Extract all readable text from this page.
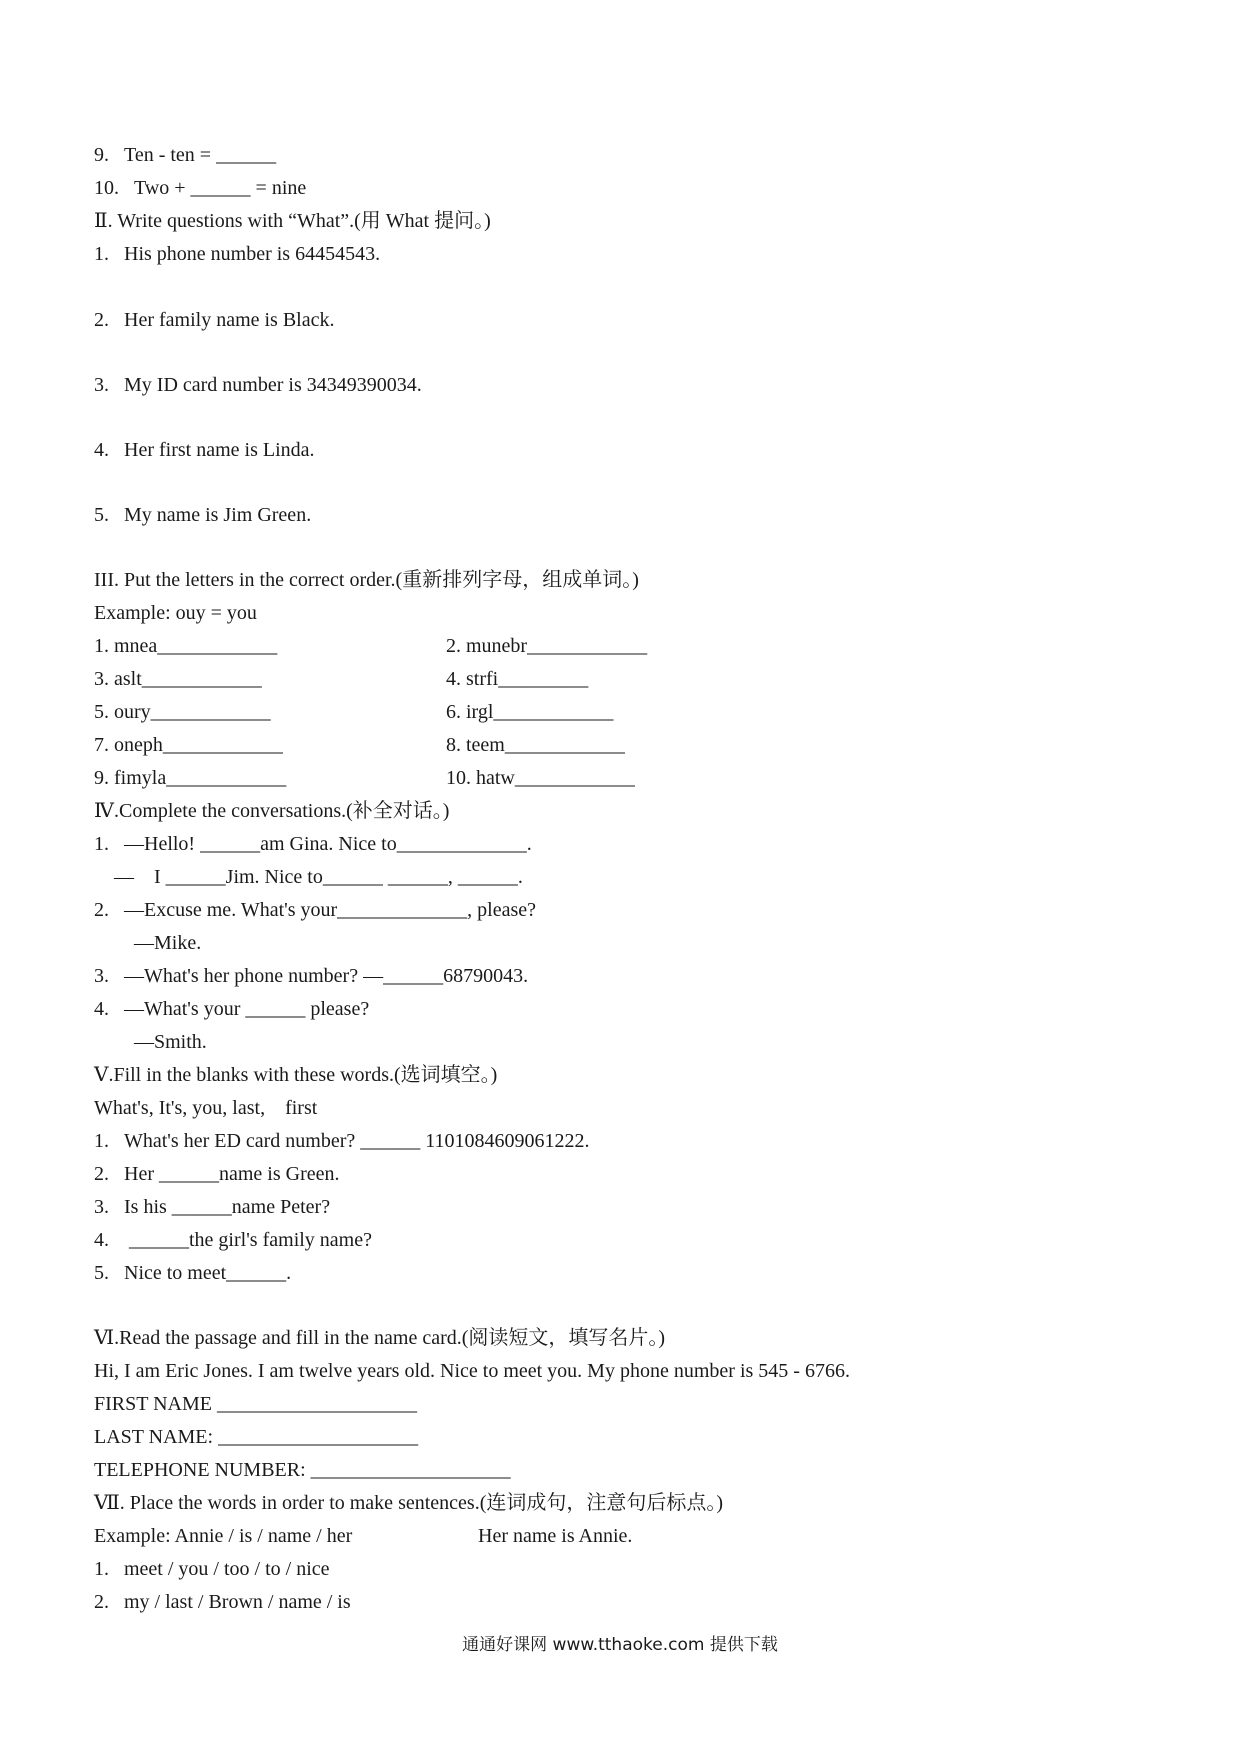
9.   Ten - ten = ______
10.   Two + ______ = nine
Ⅱ. Write questions with “What”.(用 What 提问。)
1.   His phone number is 64454543.
2.   Her family name is Black.
3.   My ID card number is 34349390034.
4.   Her first name is Linda.
5.   My name is Jim Green.
III. Put the letters in the correct order.(重新排列字母，组成单词。)
Example: ouy = you
1. mnea____________
3. aslt____________
5. oury____________
7. oneph____________
9. fimyla____________
Ⅳ.Complete the conversations.(补全对话。)
1.   —Hello! ______am Gina. Nice to_____________.
—    I ______Jim. Nice to______ ______, ______.
2.   —Excuse me. What's your_____________, please?
—Mike.
3.   —What's her phone number? —______68790043.
4.   —What's your ______ please?
—Smith.
Ⅴ.Fill in the blanks with these words.(选词填空。)
What's, It's, you, last,    first
1.   What's her ED card number? ______ 1101084609061222.
2.   Her ______name is Green.
3.   Is his ______name Peter?
4.    ______the girl's family name?
5.   Nice to meet______.
Ⅵ.Read the passage and fill in the name card.(阅读短文，填写名片。)
Hi, I am Eric Jones. I am twelve years old. Nice to meet you. My phone number is 545 - 6766.
FIRST NAME ____________________
LAST NAME: ____________________
TELEPHONE NUMBER: ____________________
Ⅶ. Place the words in order to make sentences.(连词成句，注意句后标点。)
Example: Annie / is / name / her
1.   meet / you / too / to / nice
2.   my / last / Brown / name / is
2. munebr____________
4. strfi_________
6. irgl____________
8. teem____________
10. hatw____________
Her name is Annie.
通通好课网 www.tthaoke.com 提供下载
